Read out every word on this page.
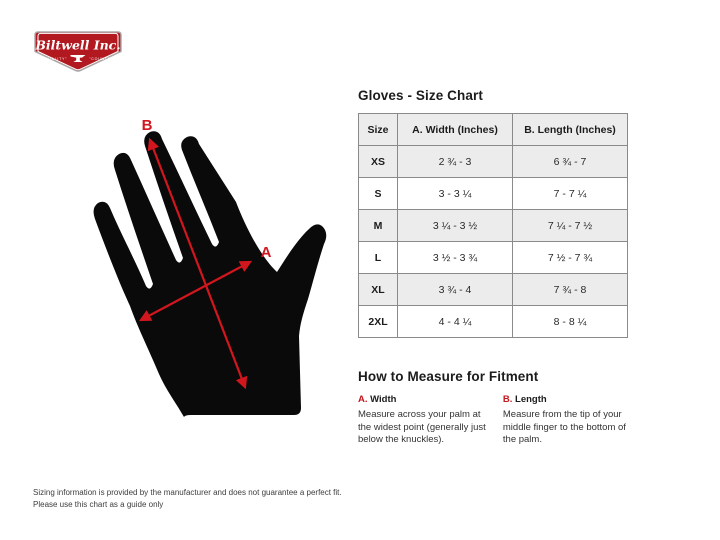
Biltwell Inc.
"QUALITY"	"COUNTS"
B
A
Gloves - Size Chart
Size	A. Width (Inches)	B. Length (Inches)
XS	2 ¾ - 3	6 ¾ - 7
S	3 - 3 ¼	7 - 7 ¼
M	3 ¼ - 3 ½	7 ¼ - 7 ½
L	3 ½ - 3 ¾	7 ½ - 7 ¾
XL	3 ¾ - 4	7 ¾ - 8
2XL	4 - 4 ¼	8 - 8 ¼
How to Measure for Fitment
A. Width

Measure across your palm at the widest point (generally just below the knuckles).

B. Length

Measure from the tip of your middle finger to the bottom of the palm.

Sizing information is provided by the manufacturer and does not guarantee a perfect fit.
Please use this chart as a guide only
